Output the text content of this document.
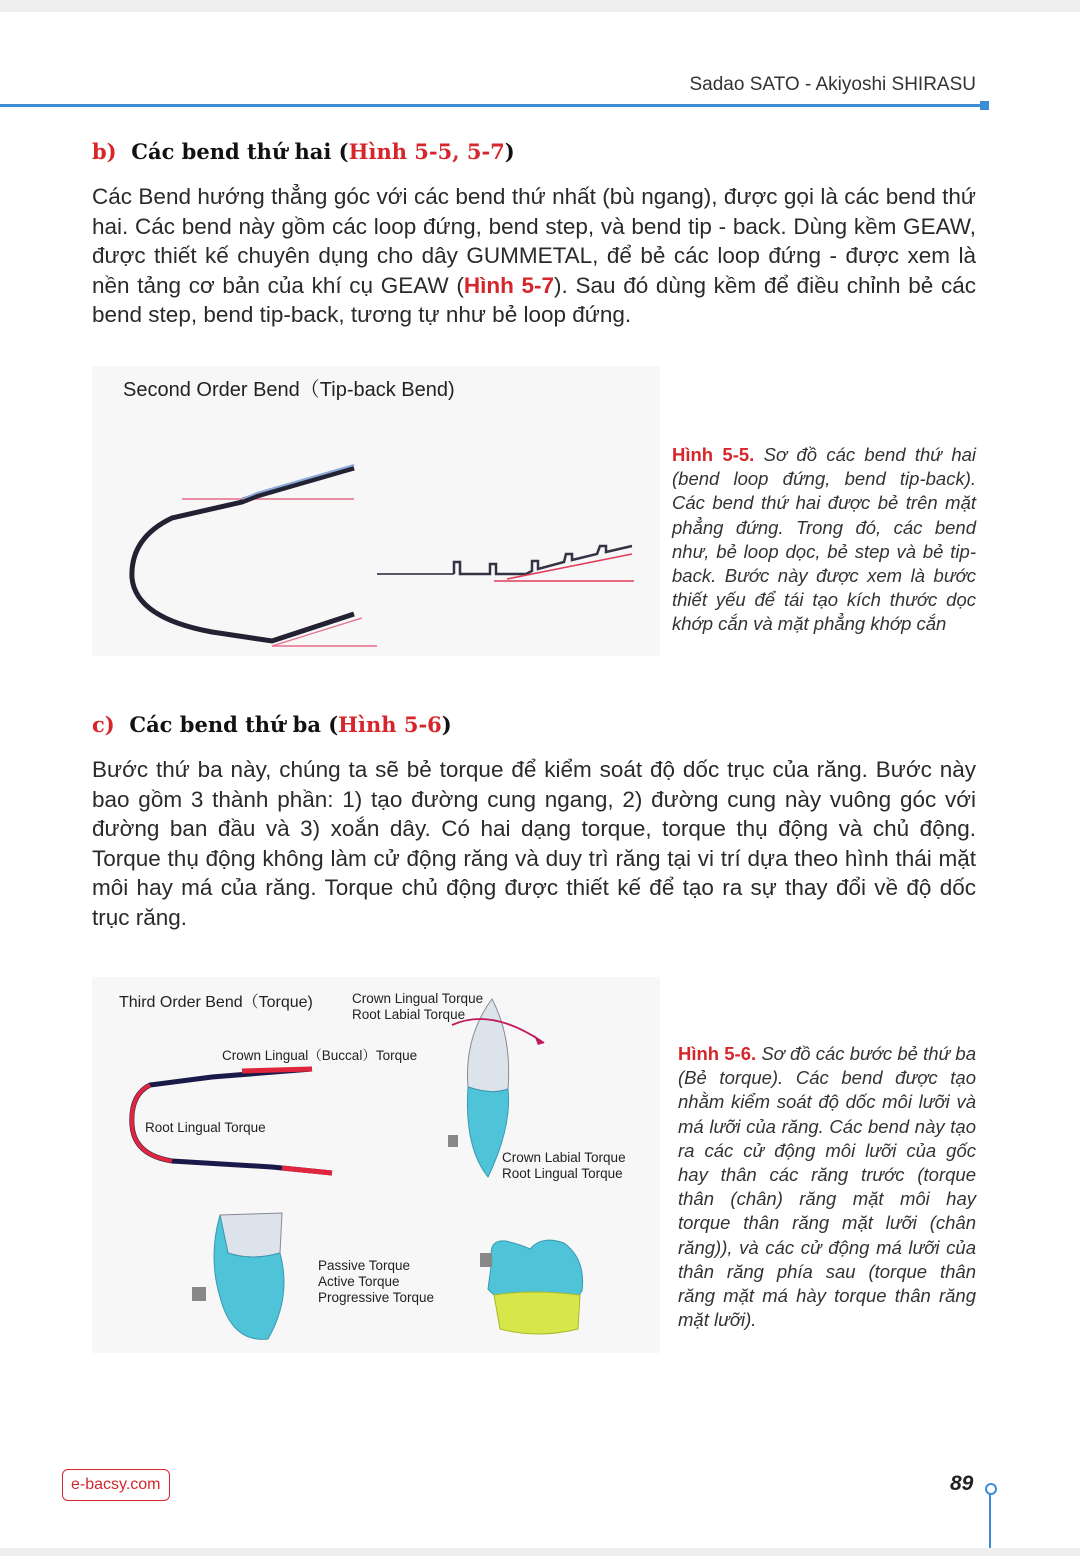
Sadao SATO - Akiyoshi SHIRASU
b) Các bend thứ hai (Hình 5-5, 5-7)

Các Bend hướng thẳng góc với các bend thứ nhất (bù ngang), được gọi là các bend thứ hai. Các bend này gồm các loop đứng, bend step, và bend tip - back. Dùng kềm GEAW, được thiết kế chuyên dụng cho dây GUMMETAL, để bẻ các loop đứng - được xem là nền tảng cơ bản của khí cụ GEAW (Hình 5-7). Sau đó dùng kềm để điều chỉnh bẻ các bend step, bend tip-back, tương tự như bẻ loop đứng.

Second Order Bend（Tip-back Bend)

Hình 5-5. Sơ đồ các bend thứ hai (bend loop đứng, bend tip-back). Các bend thứ hai được bẻ trên mặt phẳng đứng. Trong đó, các bend như, bẻ loop dọc, bẻ step và bẻ tip-back. Bước này được xem là bước thiết yếu để tái tạo kích thước dọc khớp cắn và mặt phẳng khớp cắn

c) Các bend thứ ba (Hình 5-6)

Bước thứ ba này, chúng ta sẽ bẻ torque để kiểm soát độ dốc trục của răng. Bước này bao gồm 3 thành phần: 1) tạo đường cung ngang, 2) đường cung này vuông góc với đường ban đầu và 3) xoắn dây. Có hai dạng torque, torque thụ động và chủ động. Torque thụ động không làm cử động răng và duy trì răng tại vi trí dựa theo hình thái mặt môi hay má của răng. Torque chủ động được thiết kế để tạo ra sự thay đổi về độ dốc trục răng.

Third Order Bend（Torque)	Crown Lingual Torque
Root Labial Torque
Crown Lingual（Buccal）Torque
Root Lingual Torque
Crown Labial Torque
Root Lingual Torque
Passive Torque
Active Torque
Progressive Torque

Hình 5-6. Sơ đồ các bước bẻ thứ ba (Bẻ torque). Các bend được tạo nhằm kiểm soát độ dốc môi lưỡi và má lưỡi của răng. Các bend này tạo ra các cử động môi lưỡi của gốc hay thân các răng trước (torque thân (chân) răng mặt môi hay torque thân răng mặt lưỡi (chân răng)), và các cử động má lưỡi của thân răng phía sau (torque thân răng mặt má hày torque thân răng mặt lưỡi).

e-bacsy.com	89
